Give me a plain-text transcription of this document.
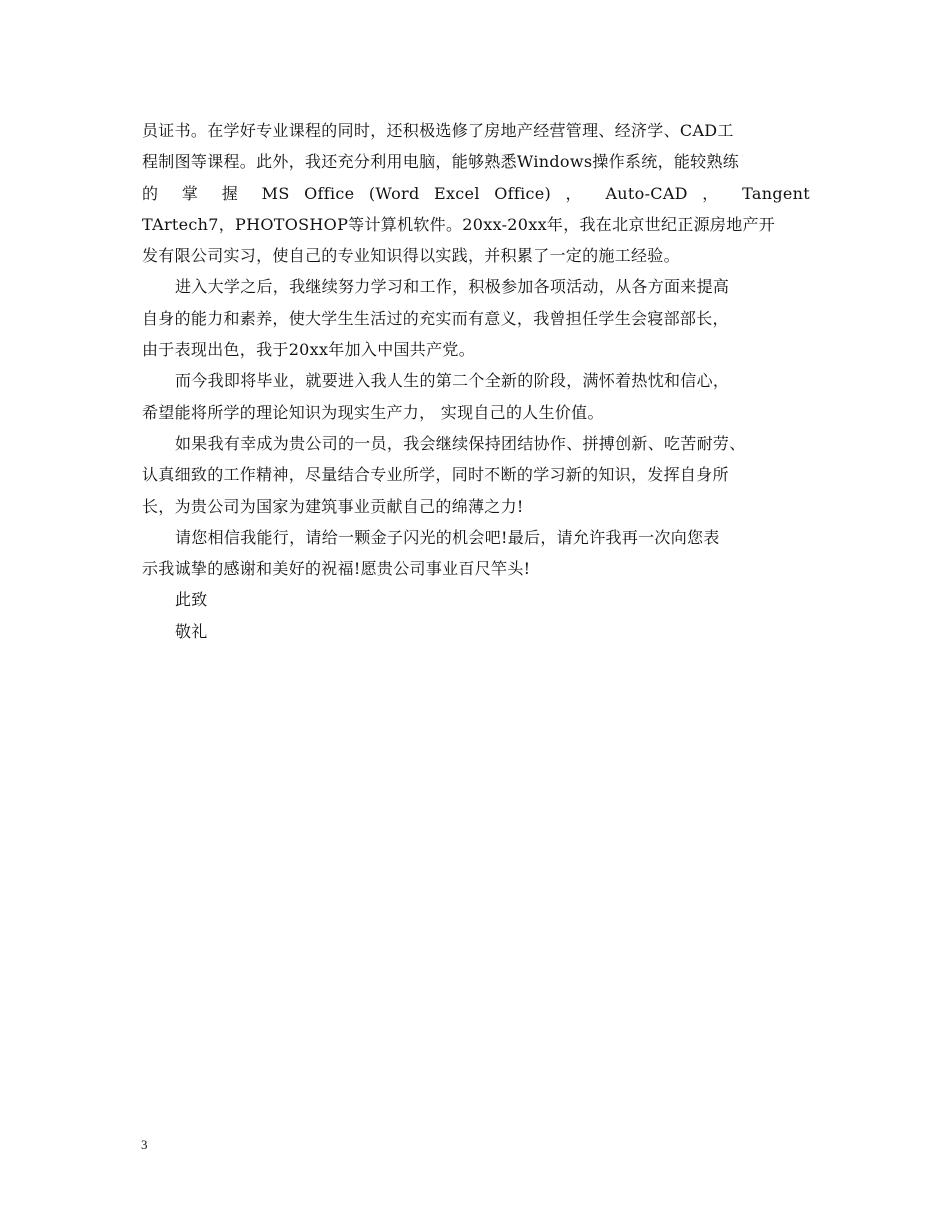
员证书。在学好专业课程的同时，还积极选修了房地产经营管理、经济学、CAD工
程制图等课程。此外，我还充分利用电脑，能够熟悉Windows操作系统，能较熟练
的 掌 握 MS Office (Word Excel Office) ， Auto-CAD ， Tangent
TArtech7，PHOTOSHOP等计算机软件。20xx-20xx年，我在北京世纪正源房地产开
发有限公司实习，使自己的专业知识得以实践，并积累了一定的施工经验。

进入大学之后，我继续努力学习和工作，积极参加各项活动，从各方面来提高
自身的能力和素养，使大学生生活过的充实而有意义，我曾担任学生会寝部部长，
由于表现出色，我于20xx年加入中国共产党。

而今我即将毕业，就要进入我人生的第二个全新的阶段，满怀着热忱和信心，
希望能将所学的理论知识为现实生产力， 实现自己的人生价值。

如果我有幸成为贵公司的一员，我会继续保持团结协作、拼搏创新、吃苦耐劳、
认真细致的工作精神，尽量结合专业所学，同时不断的学习新的知识，发挥自身所
长，为贵公司为国家为建筑事业贡献自己的绵薄之力!

请您相信我能行，请给一颗金子闪光的机会吧!最后，请允许我再一次向您表
示我诚挚的感谢和美好的祝福!愿贵公司事业百尺竿头!

此致
敬礼

3
